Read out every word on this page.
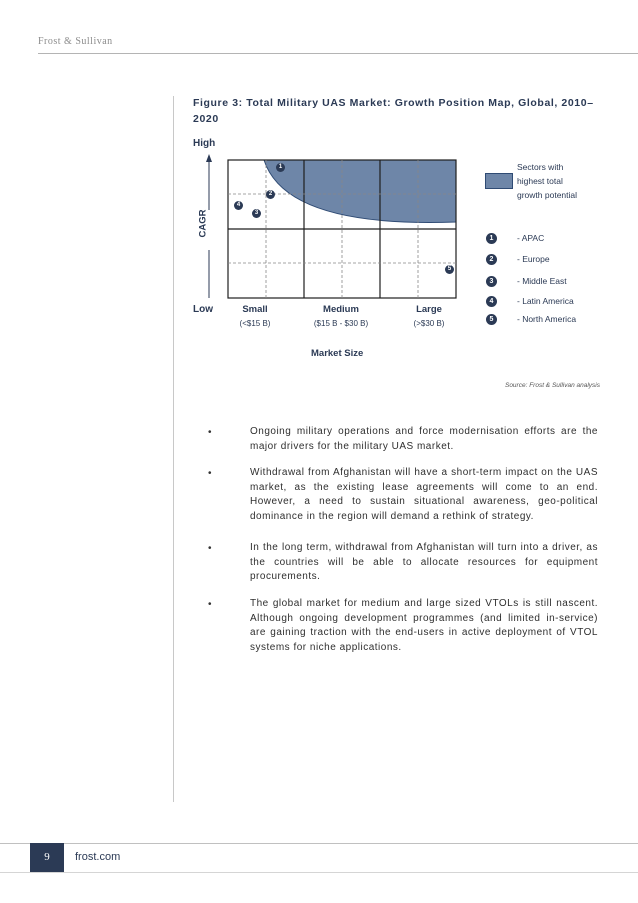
Frost & Sullivan
Figure 3: Total Military UAS Market: Growth Position Map, Global, 2010–2020
High
Low
CAGR
1
2
3
4
5
Small
(<$15 B)
Medium
($15 B - $30 B)
Large
(>$30 B)
Market Size
Sectors with highest total growth potential
1	- APAC
2	- Europe
3	- Middle East
4	- Latin America
5	- North America
Source: Frost & Sullivan analysis
•	Ongoing military operations and force modernisation efforts are the major drivers for the military UAS market.
•	Withdrawal from Afghanistan will have a short-term impact on the UAS market, as the existing lease agreements will come to an end. However, a need to sustain situational awareness, geo-political dominance in the region will demand a rethink of strategy.
•	In the long term, withdrawal from Afghanistan will turn into a driver, as the countries will be able to allocate resources for equipment procurements.
•	The global market for medium and large sized VTOLs is still nascent. Although ongoing development programmes (and limited in-service) are gaining traction with the end-users in active deployment of VTOL systems for niche applications.
9	frost.com
